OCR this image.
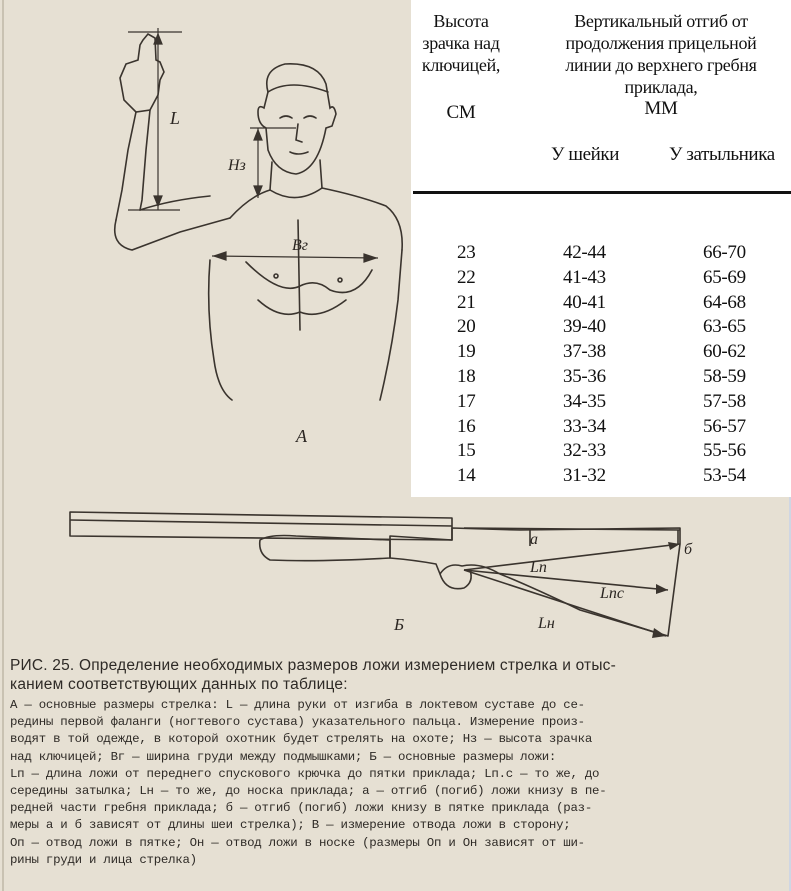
L
Hз
Bг
А
Высота
зрачка над
ключицей,
СМ
Вертикальный отгиб от
продолжения прицельной
линии до верхнего гребня
приклада,
ММ
У шейки	У затыльника
23	42-44	66-70
22	41-43	65-69
21	40-41	64-68
20	39-40	63-65
19	37-38	60-62
18	35-36	58-59
17	34-35	57-58
16	33-34	56-57
15	32-33	55-56
14	31-32	53-54
a
б
Lп
Lпс
Lн
Б
РИС. 25. Определение необходимых размеров ложи измерением стрелка и отыс-
канием соответствующих данных по таблице:
А — основные размеры стрелка: L — длина руки от изгиба в локтевом суставе до се-
редины первой фаланги (ногтевого сустава) указательного пальца. Измерение произ-
водят в той одежде, в которой охотник будет стрелять на охоте; Hз — высота зрачка
над ключицей; Bг — ширина груди между подмышками; Б — основные размеры ложи:
Lп — длина ложи от переднего спускового крючка до пятки приклада; Lп.с — то же, до
середины затылка; Lн — то же, до носка приклада; а — отгиб (погиб) ложи книзу в пе-
редней части гребня приклада; б — отгиб (погиб) ложи книзу в пятке приклада (раз-
меры а и б зависят от длины шеи стрелка); В — измерение отвода ложи в сторону;
Oп — отвод ложи в пятке; Oн — отвод ложи в носке (размеры Oп и Oн зависят от ши-
рины груди и лица стрелка)
